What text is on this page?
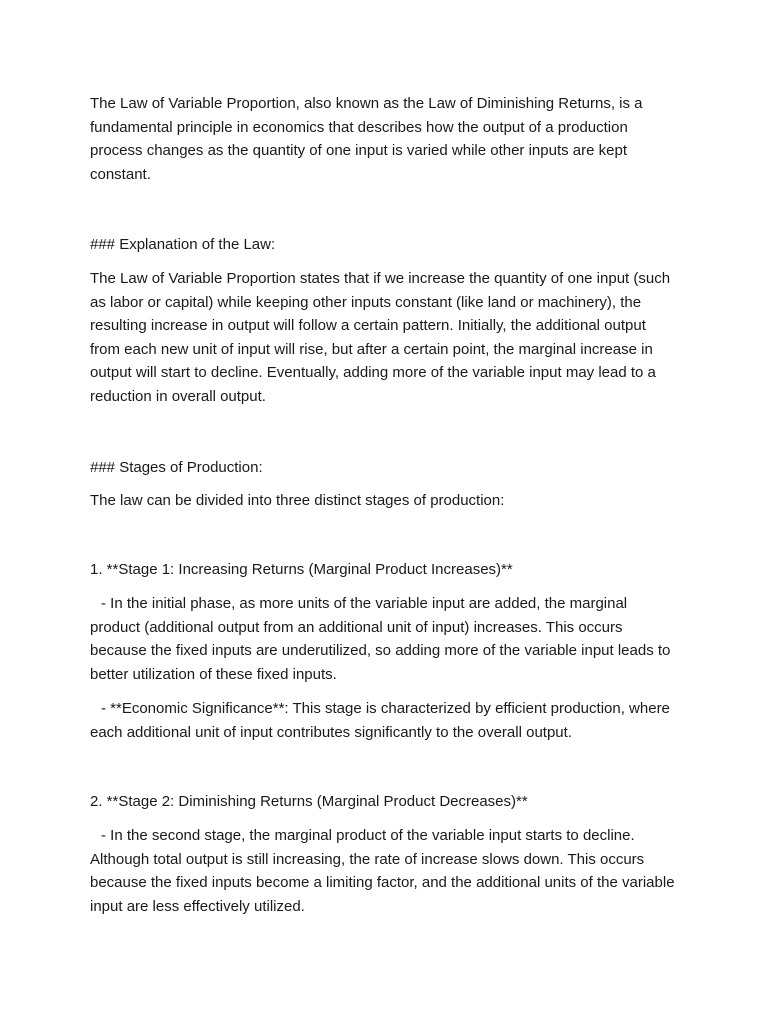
The Law of Variable Proportion, also known as the Law of Diminishing Returns, is a fundamental principle in economics that describes how the output of a production process changes as the quantity of one input is varied while other inputs are kept constant.

### Explanation of the Law:

The Law of Variable Proportion states that if we increase the quantity of one input (such as labor or capital) while keeping other inputs constant (like land or machinery), the resulting increase in output will follow a certain pattern. Initially, the additional output from each new unit of input will rise, but after a certain point, the marginal increase in output will start to decline. Eventually, adding more of the variable input may lead to a reduction in overall output.

### Stages of Production:

The law can be divided into three distinct stages of production:

1. **Stage 1: Increasing Returns (Marginal Product Increases)**

- In the initial phase, as more units of the variable input are added, the marginal product (additional output from an additional unit of input) increases. This occurs because the fixed inputs are underutilized, so adding more of the variable input leads to better utilization of these fixed inputs.

- **Economic Significance**: This stage is characterized by efficient production, where each additional unit of input contributes significantly to the overall output.

2. **Stage 2: Diminishing Returns (Marginal Product Decreases)**

- In the second stage, the marginal product of the variable input starts to decline. Although total output is still increasing, the rate of increase slows down. This occurs because the fixed inputs become a limiting factor, and the additional units of the variable input are less effectively utilized.
